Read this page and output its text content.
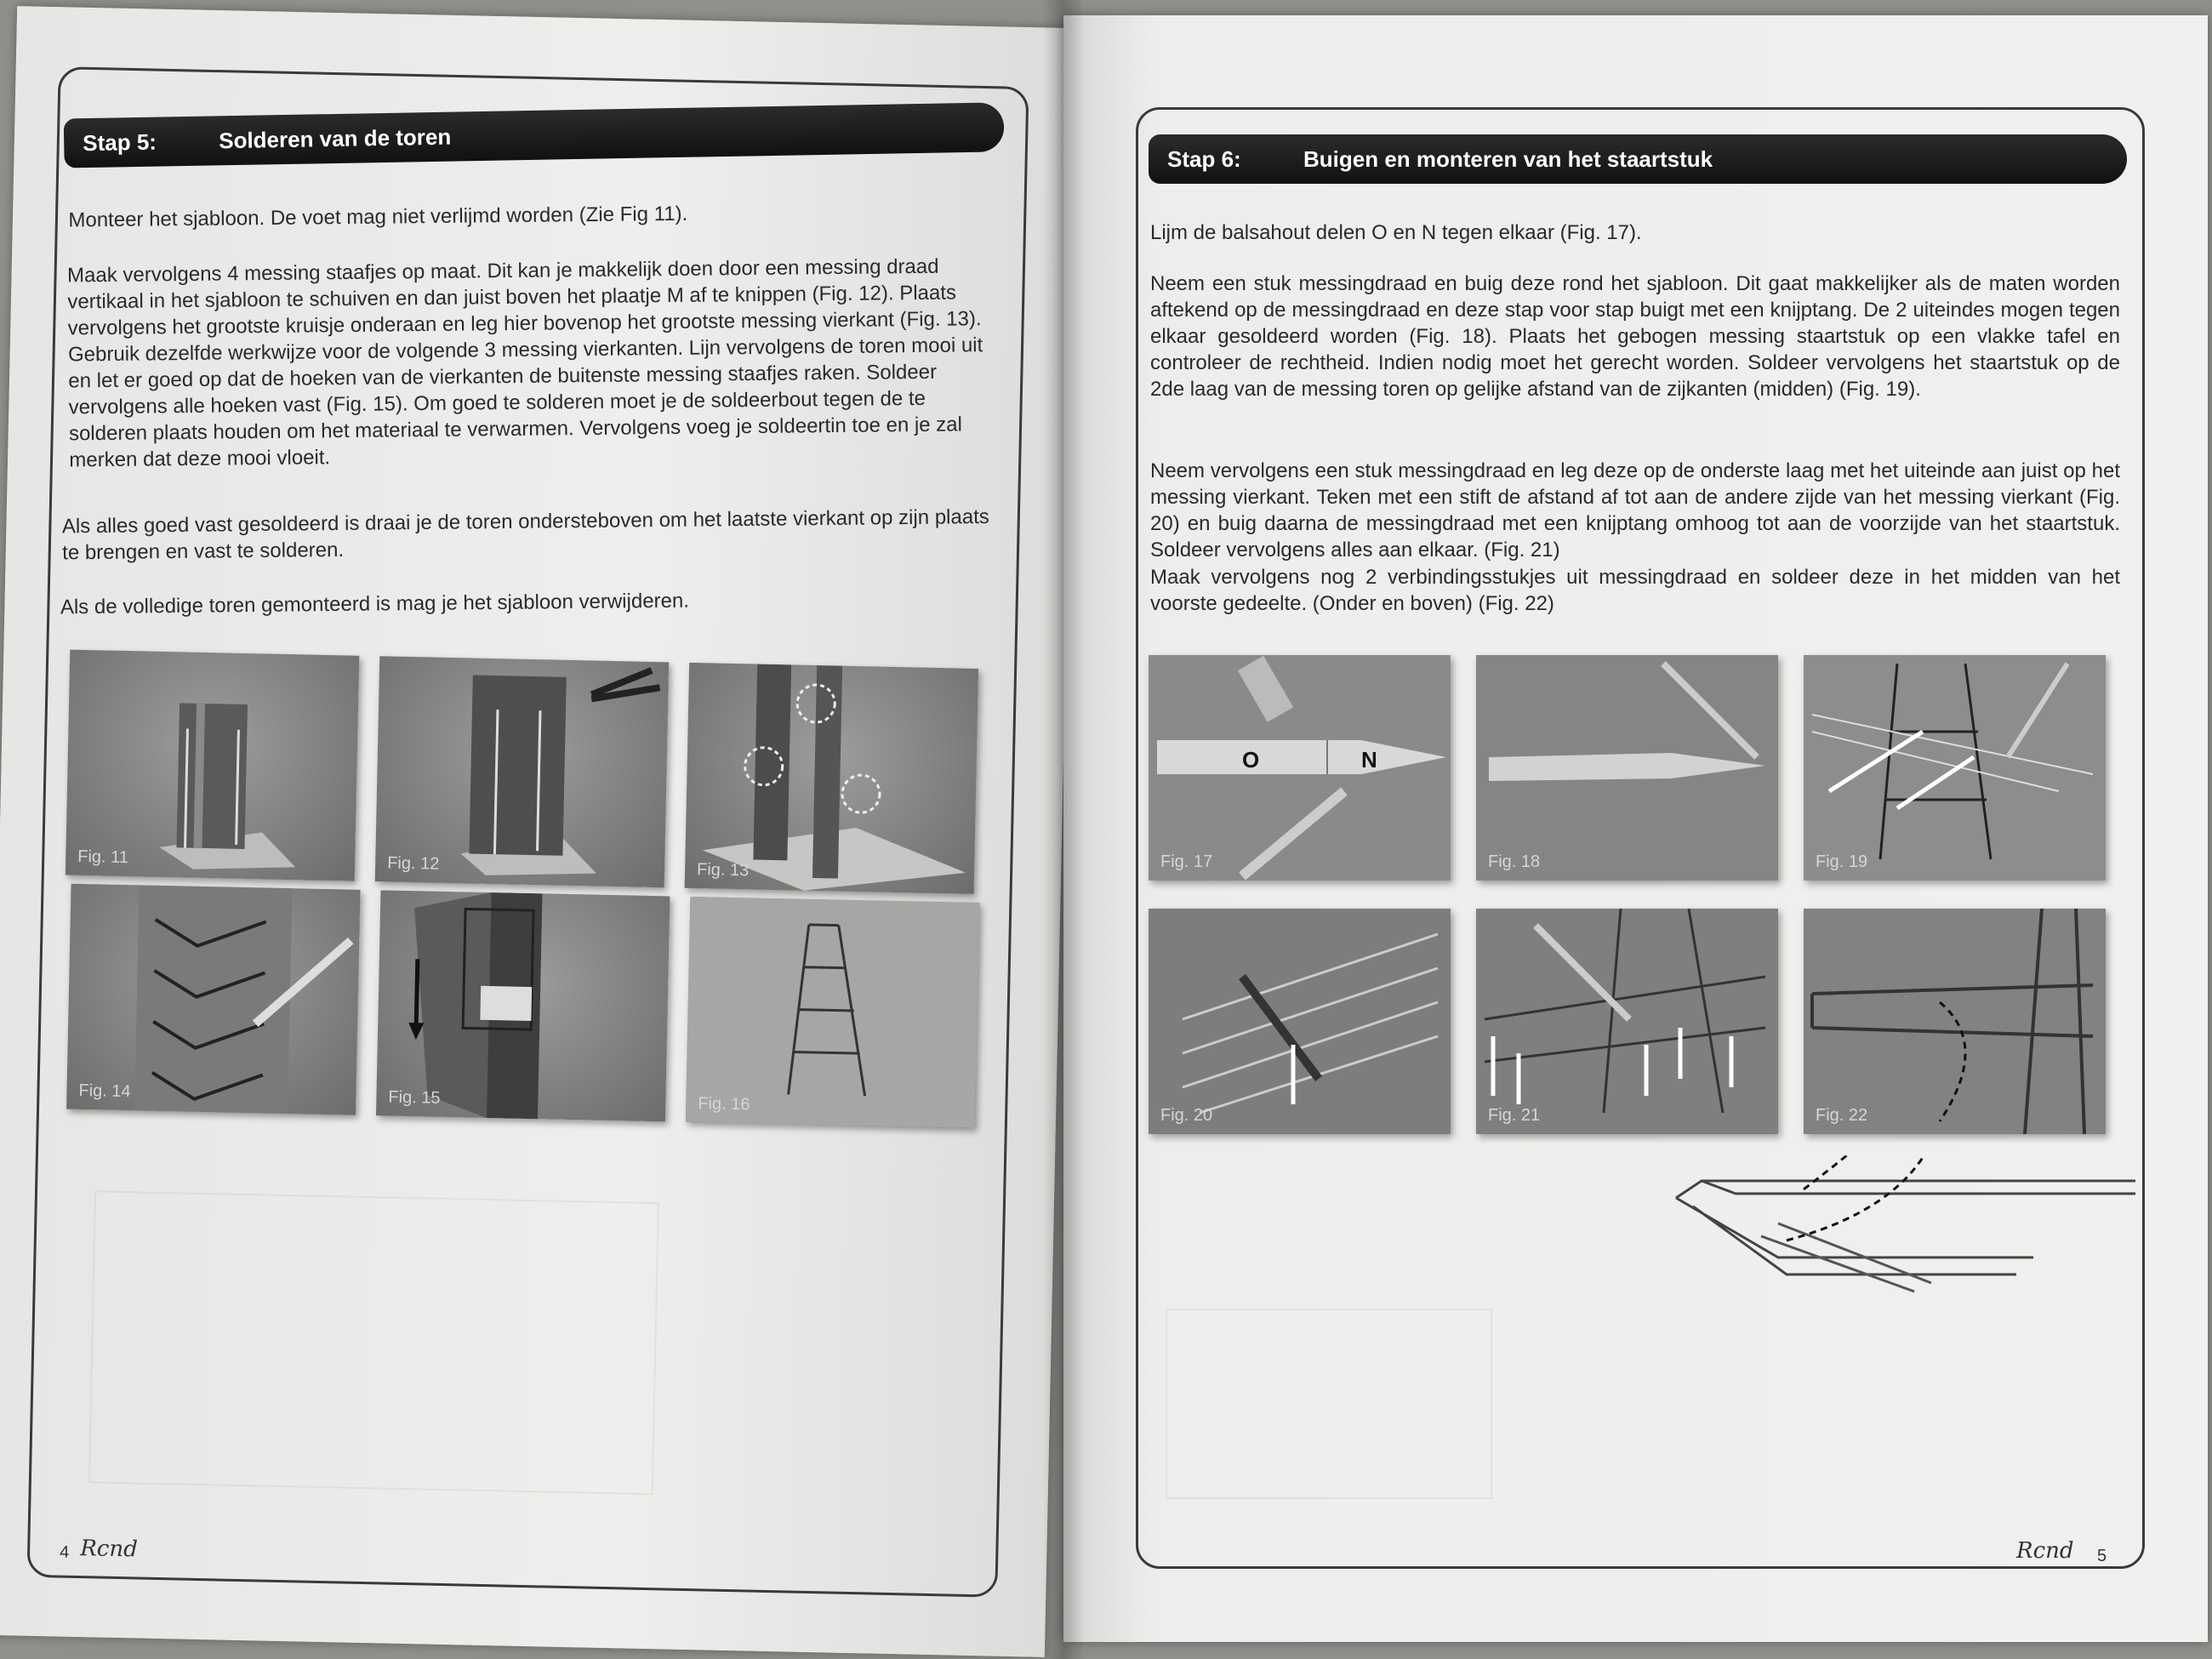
Stap 5:	Solderen van de toren
Monteer het sjabloon. De voet mag niet verlijmd worden (Zie Fig 11).
Maak vervolgens 4 messing staafjes op maat. Dit kan je makkelijk doen door een messing draad vertikaal in het sjabloon te schuiven en dan juist boven het plaatje M af te knippen (Fig. 12). Plaats vervolgens het grootste kruisje onderaan en leg hier bovenop het grootste messing vierkant (Fig. 13). Gebruik dezelfde werkwijze voor de volgende 3 messing vierkanten. Lijn vervolgens de toren mooi uit en let er goed op dat de hoeken van de vierkanten de buitenste messing staafjes raken. Soldeer vervolgens alle hoeken vast (Fig. 15). Om goed te solderen moet je de soldeerbout tegen de te solderen plaats houden om het materiaal te verwarmen. Vervolgens voeg je soldeertin toe en je zal merken dat deze mooi vloeit.
Als alles goed vast gesoldeerd is draai je de toren ondersteboven om het laatste vierkant op zijn plaats te brengen en vast te solderen.
Als de volledige toren gemonteerd is mag je het sjabloon verwijderen.
Fig. 11	Fig. 12	Fig. 13
Fig. 14	Fig. 15	Fig. 16
4 Rcnd
Stap 6:	Buigen en monteren van het staartstuk
Lijm de balsahout delen O en N tegen elkaar (Fig. 17).
Neem een stuk messingdraad en buig deze rond het sjabloon. Dit gaat makkelijker als de maten worden aftekend op de messingdraad en deze stap voor stap buigt met een knijptang. De 2 uiteindes mogen tegen elkaar gesoldeerd worden (Fig. 18). Plaats het gebogen messing staartstuk op een vlakke tafel en controleer de rechtheid. Indien nodig moet het gerecht worden. Soldeer vervolgens het staartstuk op de 2de laag van de messing toren op gelijke afstand van de zijkanten (midden) (Fig. 19).
Neem vervolgens een stuk messingdraad en leg deze op de onderste laag met het uiteinde aan juist op het messing vierkant. Teken met een stift de afstand af tot aan de andere zijde van het messing vierkant (Fig. 20) en buig daarna de messingdraad met een knijptang omhoog tot aan de voorzijde van het staartstuk. Soldeer vervolgens alles aan elkaar. (Fig. 21)
Maak vervolgens nog 2 verbindingsstukjes uit messingdraad en soldeer deze in het midden van het voorste gedeelte. (Onder en boven) (Fig. 22)
O	N
Fig. 17	Fig. 18	Fig. 19
Fig. 20	Fig. 21	Fig. 22
Rcnd 5
